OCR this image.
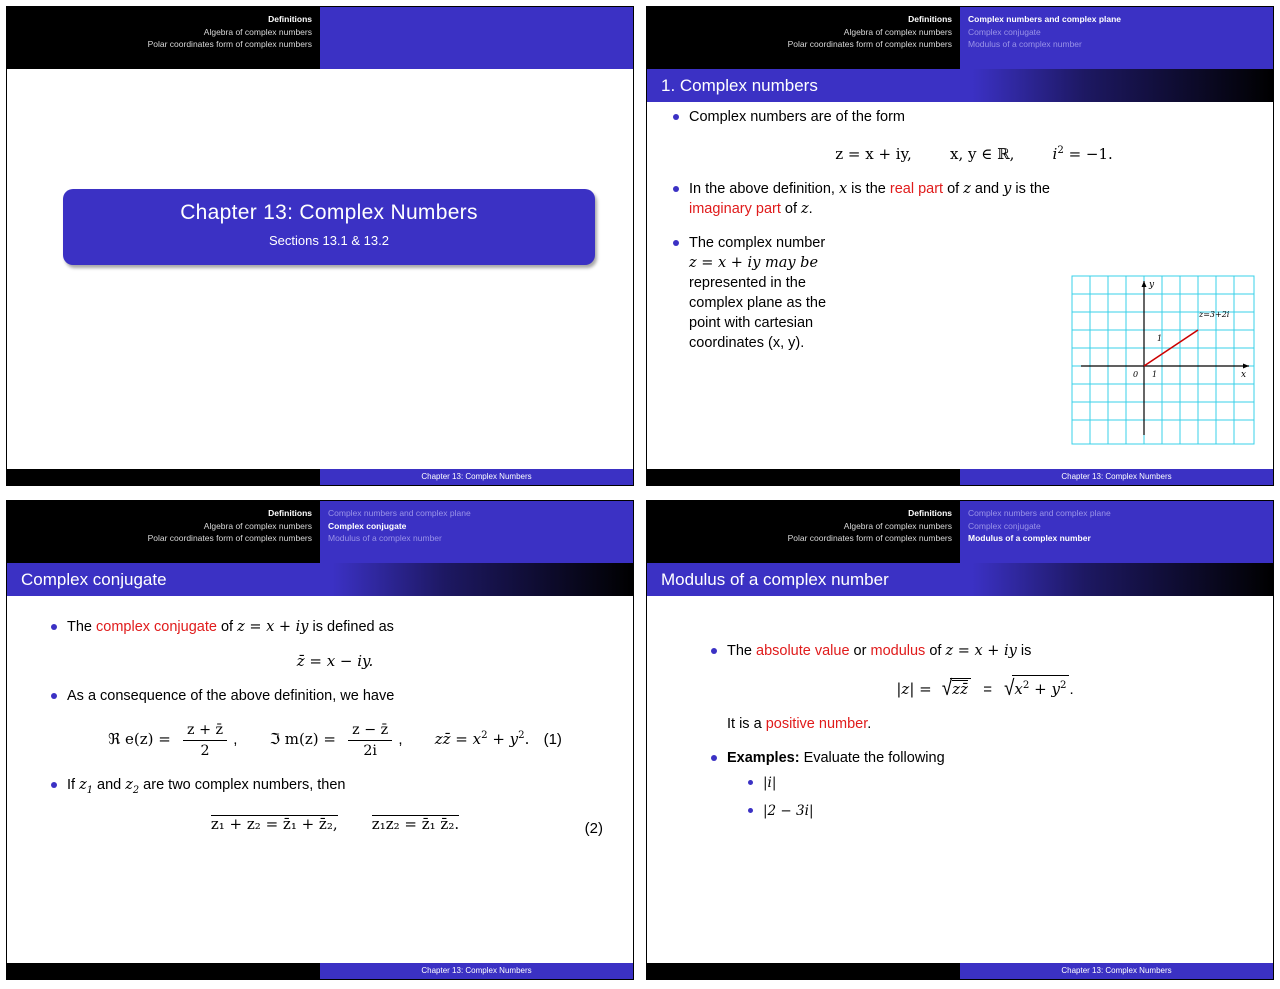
Definitions
Algebra of complex numbers
Polar coordinates form of complex numbers
Chapter 13: Complex Numbers
Sections 13.1 & 13.2
Chapter 13: Complex Numbers
Definitions
Algebra of complex numbers
Polar coordinates form of complex numbers
Complex numbers and complex plane
Complex conjugate
Modulus of a complex number
1. Complex numbers
Complex numbers are of the form
z = x + iy,	x, y ∈ ℝ,	$i^2 = -1$.
In the above definition, x is the real part of z and y is the
imaginary part of z.
The complex number
z = x + iy may be
represented in the
complex plane as the
point with cartesian
coordinates (x, y).	1
1
0	x
y
z=3+2i
Chapter 13: Complex Numbers
Definitions
Algebra of complex numbers
Polar coordinates form of complex numbers
Complex numbers and complex plane
Complex conjugate
Modulus of a complex number
Complex conjugate
The complex conjugate of z = x + iy is defined as
z̄ = x − iy.
As a consequence of the above definition, we have
ℜ $e(z) = \frac{z + z̄}{2}$ , ℑ $m(z) = \frac{z - z̄}{2i}$ , zz̄ = $x^2 + y^2$. (1)
If $z_1$ and $z_2$ are two complex numbers, then
z₁ + z₂ = z̄₁ + z̄₂, z₁z₂ = z̄₁ z̄₂.	(2)
Chapter 13: Complex Numbers
Definitions
Algebra of complex numbers
Polar coordinates form of complex numbers
Complex numbers and complex plane
Complex conjugate
Modulus of a complex number
Modulus of a complex number
The absolute value or modulus of z = x + iy is
|z| = √zz̄ = $√x^2 + y^2$ .
It is a positive number.
Examples: Evaluate the following
|i|
|2 − 3i|
Chapter 13: Complex Numbers
